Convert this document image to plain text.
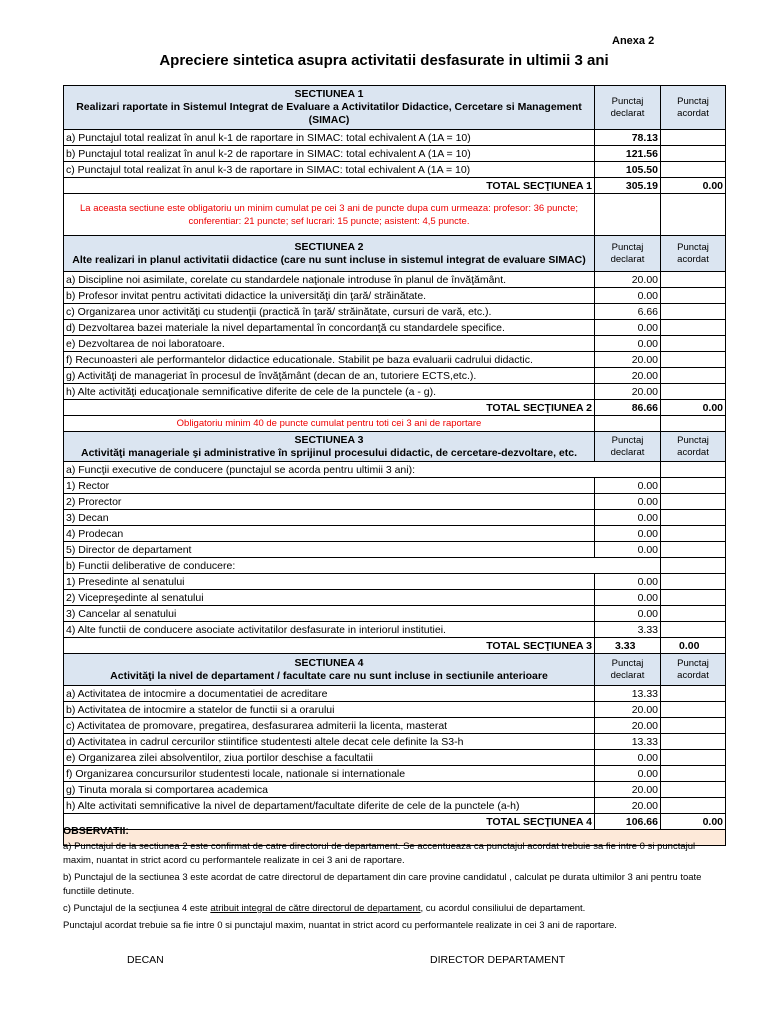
Anexa 2
Apreciere sintetica asupra activitatii desfasurate in ultimii 3 ani
SECTIUNEA 1
Realizari raportate in Sistemul Integrat de Evaluare a Activitatilor Didactice, Cercetare si Management (SIMAC)	Punctaj declarat	Punctaj acordat
a) Punctajul total realizat în anul k-1 de raportare in SIMAC: total echivalent A (1A = 10)	78.13	
b) Punctajul total realizat în anul k-2 de raportare in SIMAC: total echivalent A (1A = 10)	121.56	
c) Punctajul total realizat în anul k-3 de raportare in SIMAC: total echivalent A (1A = 10)	105.50	
TOTAL SECŢIUNEA 1	305.19	0.00
La aceasta sectiune este obligatoriu un minim cumulat pe cei 3 ani de puncte dupa cum urmeaza: profesor: 36 puncte; conferentiar: 21 puncte; sef lucrari: 15 puncte; asistent: 4,5 puncte.		

SECTIUNEA 2
Alte realizari in planul activitatii didactice (care nu sunt incluse in sistemul integrat de evaluare SIMAC)	Punctaj declarat	Punctaj acordat
a) Discipline noi asimilate, corelate cu standardele naţionale introduse în planul de învăţământ.	20.00	
b) Profesor invitat pentru activitati didactice la universităţi din ţară/ străinătate.	0.00	
c) Organizarea unor activităţi cu studenţii (practică în ţară/ străinătate, cursuri de vară, etc.).	6.66	
d) Dezvoltarea bazei materiale la nivel departamental în concordanţă cu standardele specifice.	0.00	
e) Dezvoltarea de noi laboratoare.	0.00	
f) Recunoasteri ale performantelor didactice educationale. Stabilit pe baza evaluarii cadrului didactic.	20.00	
g) Activităţi de manageriat în procesul de învăţământ (decan de an, tutoriere ECTS,etc.).	20.00	
h) Alte activităţi educaţionale semnificative diferite de cele de la punctele (a - g).	20.00	
TOTAL SECŢIUNEA 2	86.66	0.00
Obligatoriu minim 40 de puncte cumulat pentru toti cei 3 ani de raportare		

SECTIUNEA 3
Activităţi manageriale şi administrative în sprijinul procesului didactic, de cercetare-dezvoltare, etc.	Punctaj declarat	Punctaj acordat
a) Funcţii executive de conducere (punctajul se acorda pentru ultimii 3 ani):		
1) Rector	0.00	
2) Prorector	0.00	
3) Decan	0.00	
4) Prodecan	0.00	
5) Director de departament	0.00	
b) Functii deliberative de conducere:		
1) Presedinte al senatului	0.00	
2) Vicepreşedinte al senatului	0.00	
3) Cancelar al senatului	0.00	
4) Alte functii de conducere asociate activitatilor desfasurate in interiorul institutiei.	3.33	
TOTAL SECŢIUNEA 3	3.33	0.00

SECTIUNEA 4
Activităţi la nivel de departament / facultate care nu sunt incluse in sectiunile anterioare	Punctaj declarat	Punctaj acordat
a) Activitatea de intocmire a documentatiei de acreditare	13.33	
b) Activitatea de intocmire a statelor de functii si a orarului	20.00	
c) Activitatea de promovare, pregatirea, desfasurarea admiterii la licenta, masterat	20.00	
d) Activitatea in cadrul cercurilor stiintifice studentesti altele decat cele definite la S3-h	13.33	
e) Organizarea zilei absolventilor, ziua portilor deschise a facultatii	0.00	
f) Organizarea concursurilor studentesti locale, nationale si internationale	0.00	
g) Tinuta morala si comportarea academica	20.00	
h) Alte activitati semnificative la nivel de departament/facultate diferite de cele de la punctele (a-h)	20.00	
TOTAL SECŢIUNEA 4	106.66	0.00

OBSERVATII:

a) Punctajul de la sectiunea 2 este confirmat de catre directorul de departament. Se accentueaza ca punctajul acordat trebuie sa fie intre 0 si punctajul maxim, nuantat in strict acord cu performantele realizate in cei 3 ani de raportare.

b) Punctajul de la sectiunea 3 este acordat de catre directorul de departament din care provine candidatul , calculat pe durata ultimilor 3 ani pentru toate functiile detinute.

c) Punctajul de la secţiunea 4 este atribuit integral de către directorul de departament, cu acordul consiliului de departament.

Punctajul acordat trebuie sa fie intre 0 si punctajul maxim, nuantat in strict acord cu performantele realizate in cei 3 ani de raportare.

DECAN	DIRECTOR DEPARTAMENT
